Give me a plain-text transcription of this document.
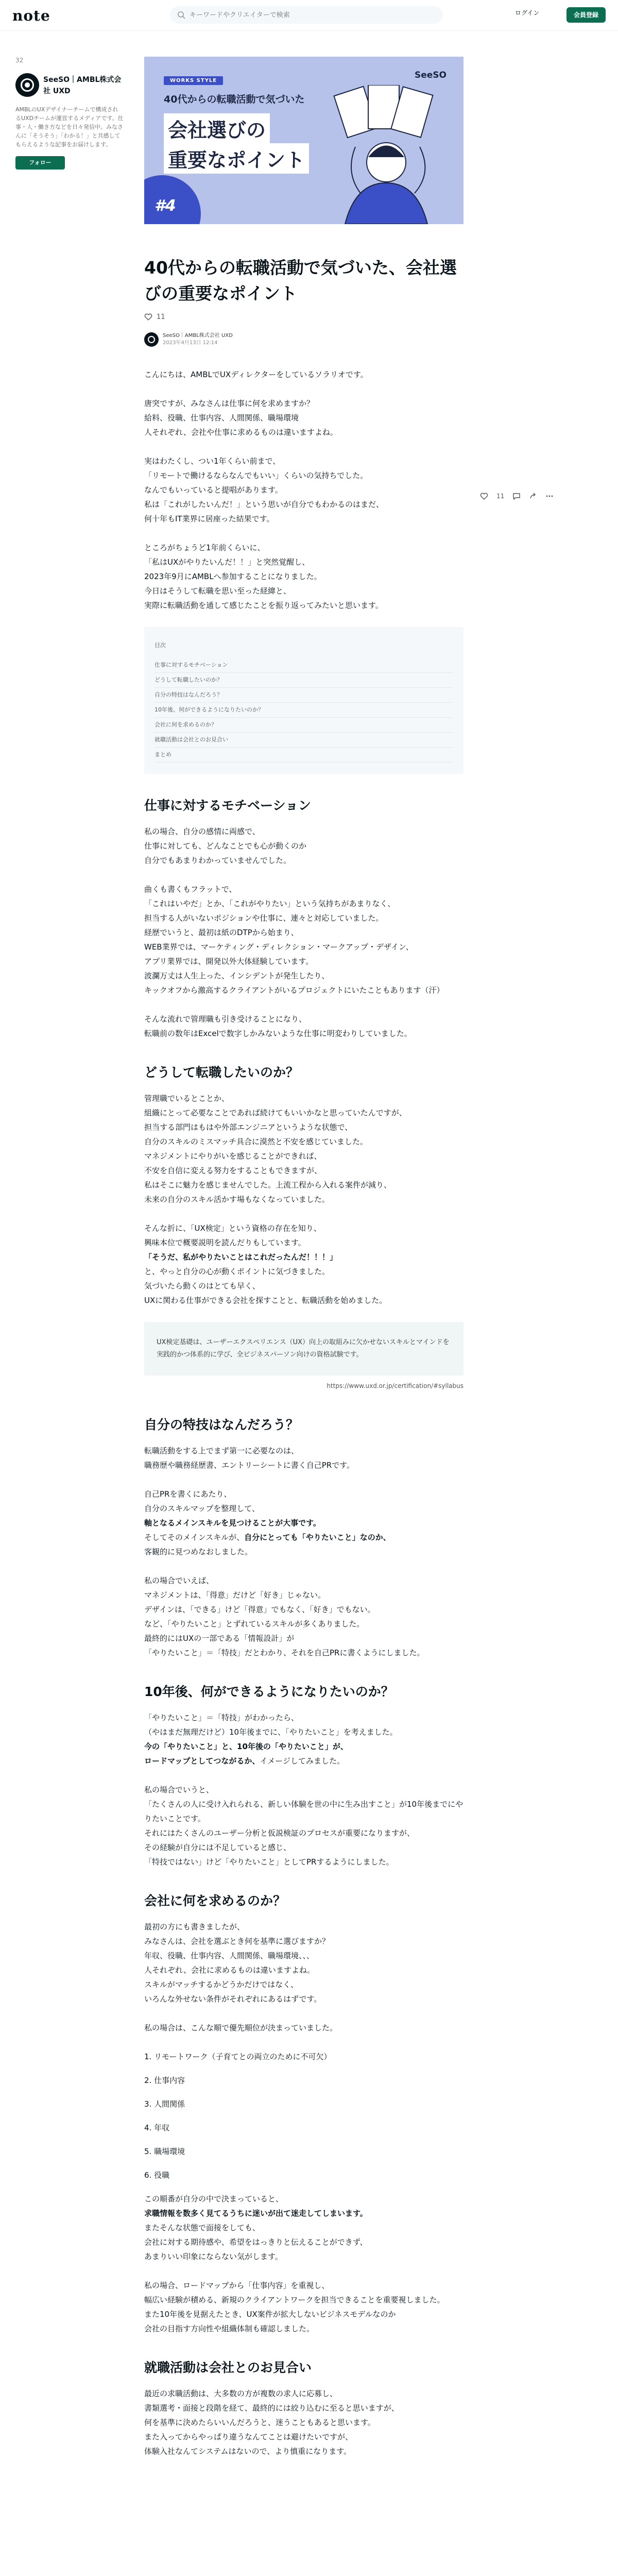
note
キーワードやクリエイターで検索	ログイン	会員登録
32
SeeSO｜AMBL株式会社 UXD
AMBLのUXデザイナーチームで構成されるUXDチームが運営するメディアです。仕事・人・働き方などを日々発信中。みなさんに「そうそう」「わかる！」と共感してもらえるような記事をお届けします。
フォロー
WORKS STYLE
40代からの転職活動で気づいた
会社選びの
重要なポイント
#4
SeeSO
11
40代からの転職活動で気づいた、会社選びの重要なポイント
11
SeeSO｜AMBL株式会社 UXD
2023年4月13日 12:14

こんにちは、AMBLでUXディレクターをしているソラリオです。

唐突ですが、みなさんは仕事に何を求めますか？
給料、役職、仕事内容、人間関係、職場環境
人それぞれ、会社や仕事に求めるものは違いますよね。

実はわたくし、つい1年くらい前まで、
「リモートで働けるならなんでもいい」くらいの気持ちでした。
なんでもいっていると提唱があります。
私は「これがしたいんだ！」という思いが自分でもわかるのはまだ、
何十年もIT業界に居座った結果です。

ところがちょうど1年前くらいに、
「私はUXがやりたいんだ！！」と突然覚醒し、
2023年9月にAMBLへ参加することになりました。
今日はそうして転職を思い至った経緯と、
実際に転職活動を通して感じたことを振り返ってみたいと思います。

目次
仕事に対するモチベーション
どうして転職したいのか？
自分の特技はなんだろう？
10年後、何ができるようになりたいのか？
会社に何を求めるのか？
就職活動は会社とのお見合い
まとめ
仕事に対するモチベーション

私の場合、自分の感情に両感で、
仕事に対しても、どんなことでも心が動くのか
自分でもあまりわかっていませんでした。

曲くも書くもフラットで、
「これはいやだ」とか、「これがやりたい」という気持ちがあまりなく、
担当する人がいないポジションや仕事に、連々と対応していました。
経歴でいうと、最初は紙のDTPから始まり、
WEB業界では、マーケティング・ディレクション・マークアップ・デザイン、
アプリ業界では、開発以外大体経験しています。
波瀾万丈は人生上った、インシデントが発生したり、
キックオフから激高するクライアントがいるプロジェクトにいたこともあります（汗）

そんな流れで管理職も引き受けることになり、
転職前の数年はExcelで数字しかみないような仕事に明変わりしていました。

どうして転職したいのか？

管理職でいるとことか、
組織にとって必要なことであれば続けてもいいかなと思っていたんですが、
担当する部門はもはや外部エンジニアというような状態で、
自分のスキルのミスマッチ具合に漠然と不安を感じていました。
マネジメントにやりがいを感じることができれば、
不安を自信に変える努力をすることもできますが、
私はそこに魅力を感じませんでした。上流工程から入れる案件が減り、
未来の自分のスキル活かす場もなくなっていました。

そんな折に、「UX検定」という資格の存在を知り、
興味本位で概要説明を読んだりもしています。

「そうだ、私がやりたいことはこれだったんだ！！！」

と、やっと自分の心が動くポイントに気づきました。
気づいたら動くのはとても早く、
UXに関わる仕事ができる会社を探すことと、転職活動を始めました。

UX検定基礎は、ユーザーエクスペリエンス（UX）向上の取組みに欠かせないスキルとマインドを実践的かつ体系的に学び、全ビジネスパーソン向けの資格試験です。
https://www.uxd.or.jp/certification/#syllabus
自分の特技はなんだろう？

転職活動をする上でまず第一に必要なのは、
職務歴や職務経歴書、エントリーシートに書く自己PRです。

自己PRを書くにあたり、
自分のスキルマップを整理して、
軸となるメインスキルを見つけることが大事です。
そしてそのメインスキルが、自分にとっても「やりたいこと」なのか、
客観的に見つめなおしました。

私の場合でいえば、
マネジメントは、「得意」だけど「好き」じゃない。
デザインは、「できる」けど「得意」でもなく、「好き」でもない。
など、「やりたいこと」とずれているスキルが多くありました。
最終的にはUXの一部である「情報設計」が
「やりたいこと」＝「特技」だとわかり、それを自己PRに書くようにしました。

10年後、何ができるようになりたいのか？

「やりたいこと」＝「特技」がわかったら、
（やはまだ無理だけど）10年後までに、「やりたいこと」を考えました。
今の「やりたいこと」と、10年後の「やりたいこと」が、
ロードマップとしてつながるか、イメージしてみました。

私の場合でいうと、
「たくさんの人に受け入れられる、新しい体験を世の中に生み出すこと」が10年後までにやりたいことです。
それにはたくさんのユーザー分析と仮説検証のプロセスが重要になりますが、
その経験が自分には不足していると感じ、
「特技ではない」けど「やりたいこと」としてPRするようにしました。

会社に何を求めるのか？

最初の方にも書きましたが、
みなさんは、会社を選ぶとき何を基準に選びますか？
年収、役職、仕事内容、人間関係、職場環境、、、
人それぞれ、会社に求めるものは違いますよね。
スキルがマッチするかどうかだけではなく、
いろんな外せない条件がそれぞれにあるはずです。

私の場合は、こんな順で優先順位が決まっていました。

1. リモートワーク（子育てとの両立のために不可欠）

2. 仕事内容

3. 人間関係

4. 年収

5. 職場環境

6. 役職

この順番が自分の中で決まっていると、
求職情報を数多く見てるうちに迷いが出て迷走してしまいます。
またそんな状態で面接をしても、
会社に対する期待感や、希望をはっきりと伝えることができず、
あまりいい印象にならない気がします。

私の場合、ロードマップから「仕事内容」を重視し、
幅広い経験が積める、新規のクライアントワークを担当できることを重要視しました。
また10年後を見据えたとき、UX案件が拡大しないビジネスモデルなのか
会社の目指す方向性や組織体制も確認しました。

就職活動は会社とのお見合い

最近の求職活動は、大多数の方が複数の求人に応募し、
書類選考・面接と段階を経て、最終的には絞り込むに至ると思いますが、
何を基準に決めたらいいんだろうと、迷うこともあると思います。
また入ってからやっぱり違うなんてことは避けたいですが、
体験入社なんてシステムはないので、より慎重になります。
